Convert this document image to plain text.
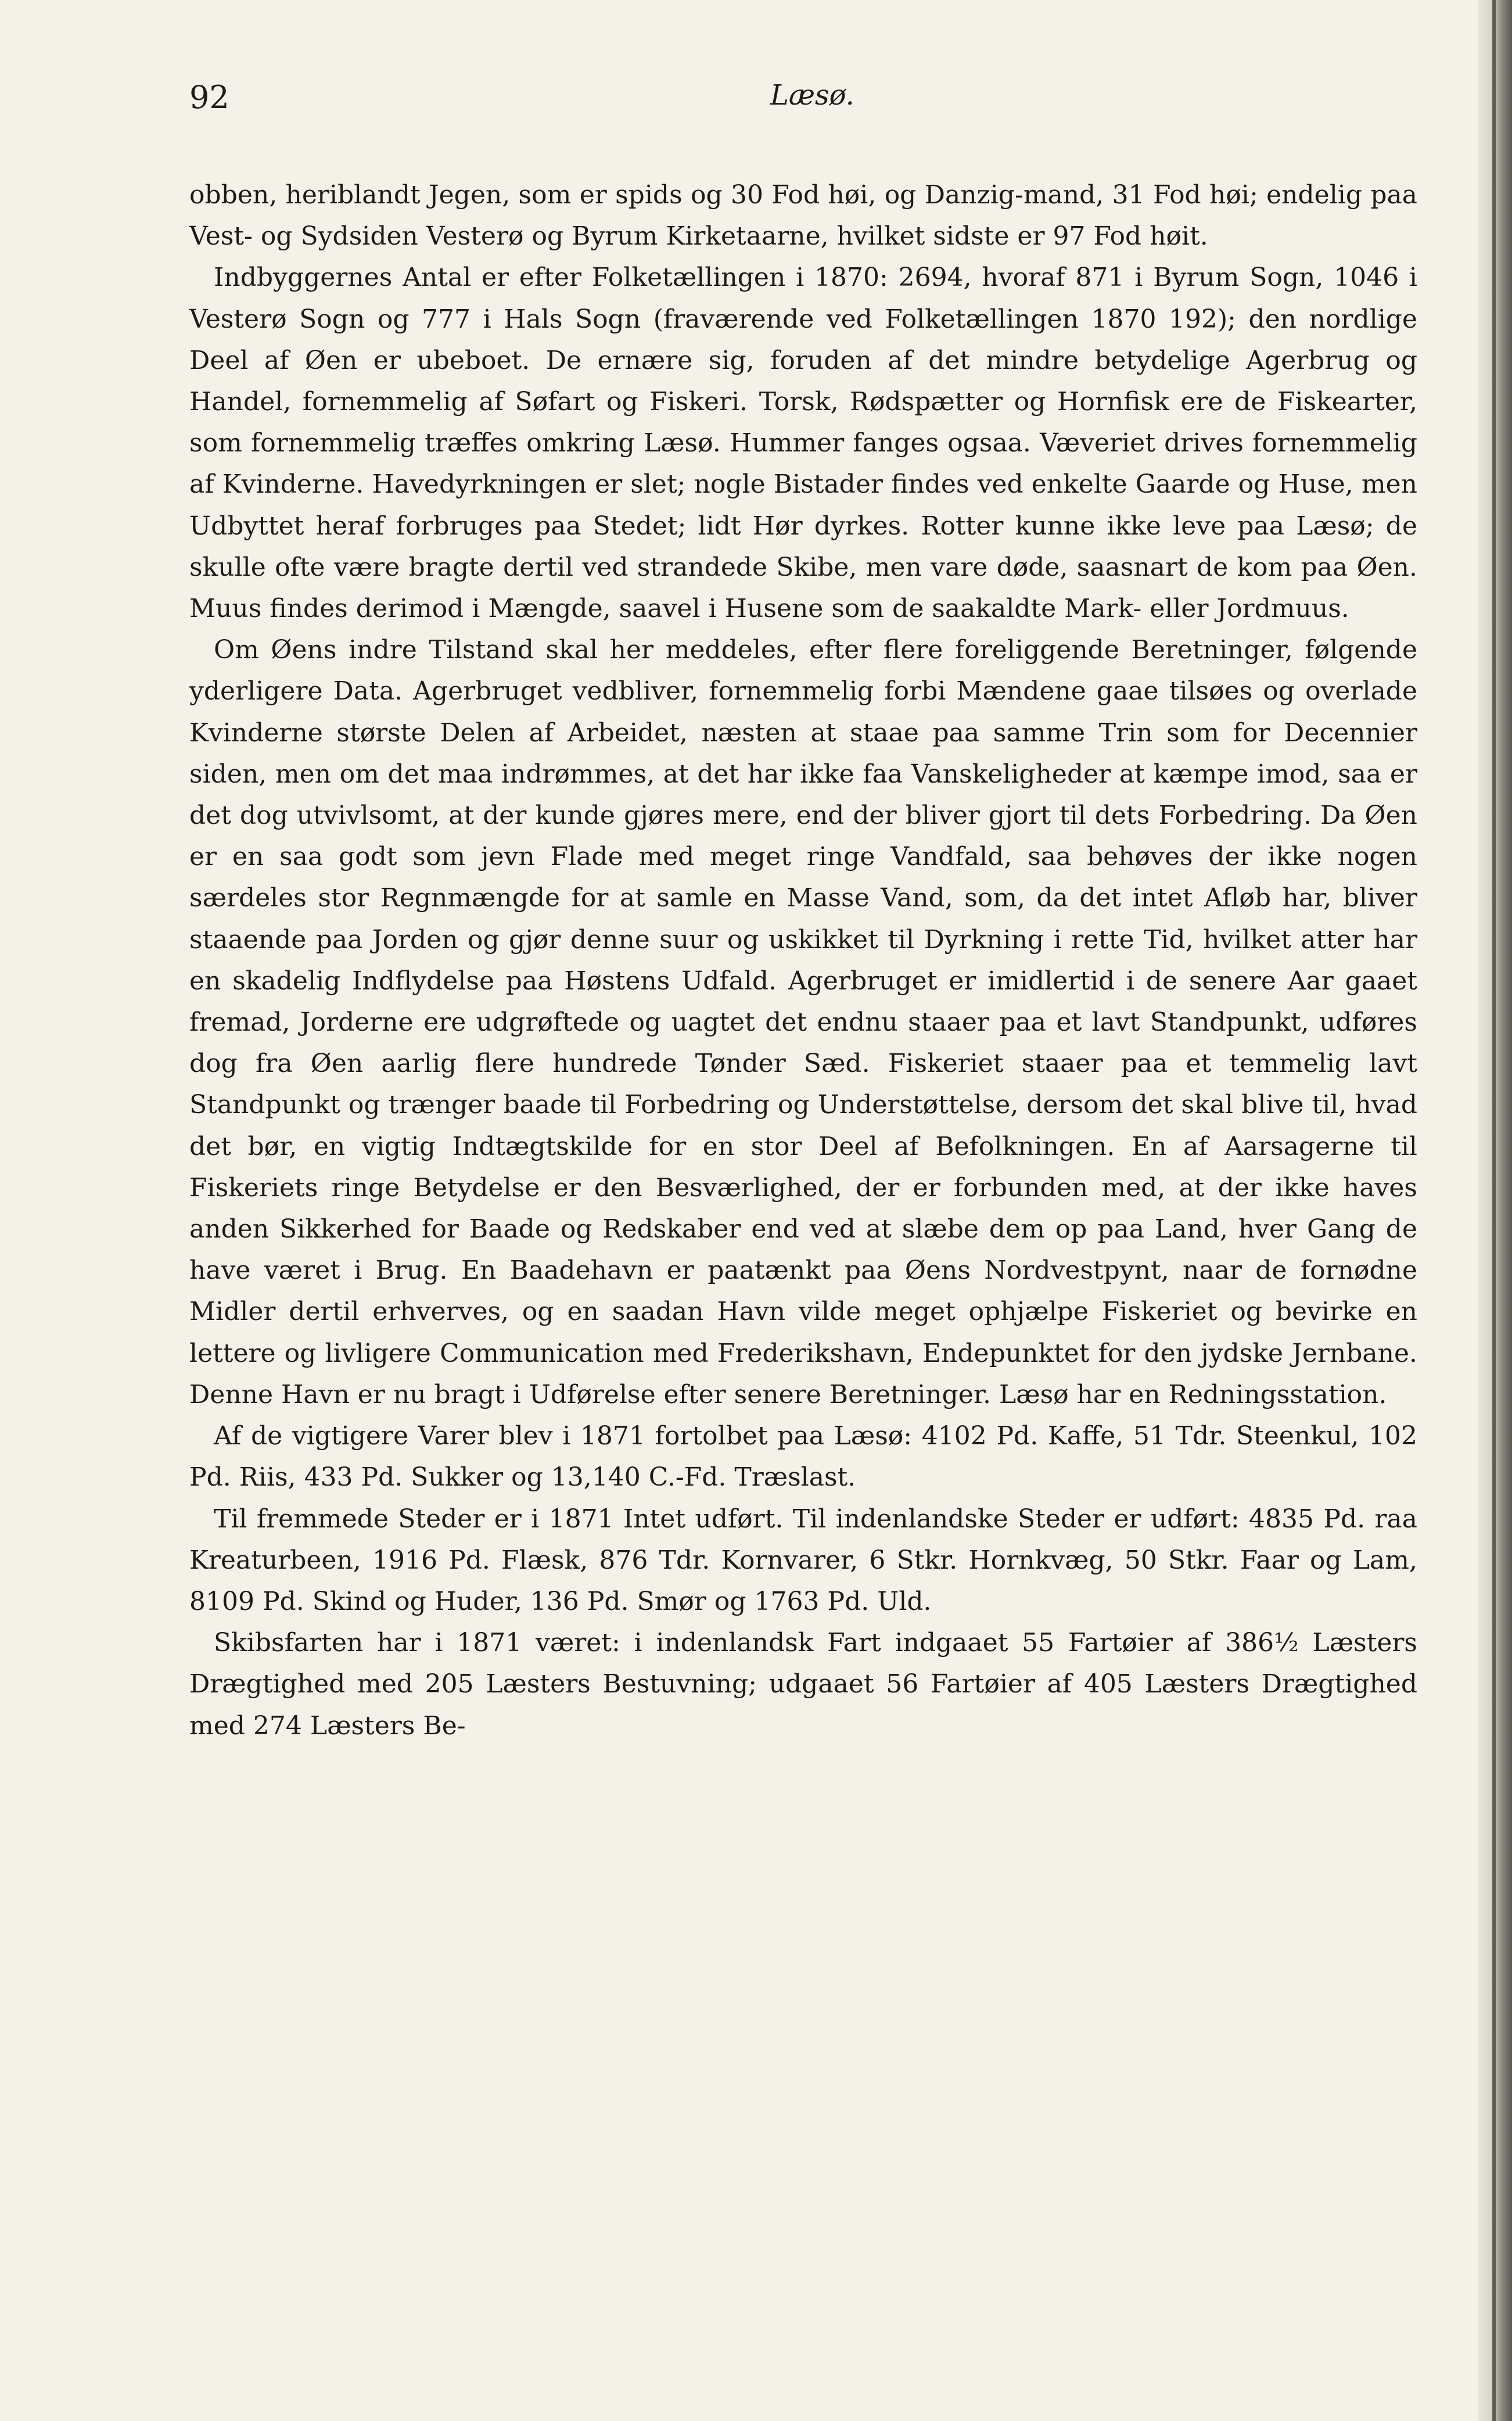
92	Læsø.

obben, heriblandt Jegen, som er spids og 30 Fod høi, og Danzig-mand, 31 Fod høi; endelig paa Vest- og Sydsiden Vesterø og Byrum Kirketaarne, hvilket sidste er 97 Fod høit.

Indbyggernes Antal er efter Folketællingen i 1870: 2694, hvoraf 871 i Byrum Sogn, 1046 i Vesterø Sogn og 777 i Hals Sogn (fraværende ved Folketællingen 1870 192); den nordlige Deel af Øen er ubeboet. De ernære sig, foruden af det mindre betydelige Agerbrug og Handel, fornemmelig af Søfart og Fiskeri. Torsk, Rødspætter og Hornfisk ere de Fiskearter, som fornemmelig træffes omkring Læsø. Hummer fanges ogsaa. Væveriet drives fornemmelig af Kvinderne. Havedyrkningen er slet; nogle Bistader findes ved enkelte Gaarde og Huse, men Udbyttet heraf forbruges paa Stedet; lidt Hør dyrkes. Rotter kunne ikke leve paa Læsø; de skulle ofte være bragte dertil ved strandede Skibe, men vare døde, saasnart de kom paa Øen. Muus findes derimod i Mængde, saavel i Husene som de saakaldte Mark- eller Jordmuus.

Om Øens indre Tilstand skal her meddeles, efter flere foreliggende Beretninger, følgende yderligere Data. Agerbruget vedbliver, fornemmelig forbi Mændene gaae tilsøes og overlade Kvinderne største Delen af Arbeidet, næsten at staae paa samme Trin som for Decennier siden, men om det maa indrømmes, at det har ikke faa Vanskeligheder at kæmpe imod, saa er det dog utvivlsomt, at der kunde gjøres mere, end der bliver gjort til dets Forbedring. Da Øen er en saa godt som jevn Flade med meget ringe Vandfald, saa behøves der ikke nogen særdeles stor Regnmængde for at samle en Masse Vand, som, da det intet Afløb har, bliver staaende paa Jorden og gjør denne suur og uskikket til Dyrkning i rette Tid, hvilket atter har en skadelig Indflydelse paa Høstens Udfald. Agerbruget er imidlertid i de senere Aar gaaet fremad, Jorderne ere udgrøftede og uagtet det endnu staaer paa et lavt Standpunkt, udføres dog fra Øen aarlig flere hundrede Tønder Sæd. Fiskeriet staaer paa et temmelig lavt Standpunkt og trænger baade til Forbedring og Understøttelse, dersom det skal blive til, hvad det bør, en vigtig Indtægtskilde for en stor Deel af Befolkningen. En af Aarsagerne til Fiskeriets ringe Betydelse er den Besværlighed, der er forbunden med, at der ikke haves anden Sikkerhed for Baade og Redskaber end ved at slæbe dem op paa Land, hver Gang de have været i Brug. En Baadehavn er paatænkt paa Øens Nordvestpynt, naar de fornødne Midler dertil erhverves, og en saadan Havn vilde meget ophjælpe Fiskeriet og bevirke en lettere og livligere Communication med Frederikshavn, Endepunktet for den jydske Jernbane. Denne Havn er nu bragt i Udførelse efter senere Beretninger. Læsø har en Redningsstation.

Af de vigtigere Varer blev i 1871 fortolbet paa Læsø: 4102 Pd. Kaffe, 51 Tdr. Steenkul, 102 Pd. Riis, 433 Pd. Sukker og 13,140 C.-Fd. Træslast.

Til fremmede Steder er i 1871 Intet udført. Til indenlandske Steder er udført: 4835 Pd. raa Kreaturbeen, 1916 Pd. Flæsk, 876 Tdr. Kornvarer, 6 Stkr. Hornkvæg, 50 Stkr. Faar og Lam, 8109 Pd. Skind og Huder, 136 Pd. Smør og 1763 Pd. Uld.

Skibsfarten har i 1871 været: i indenlandsk Fart indgaaet 55 Fartøier af 386½ Læsters Drægtighed med 205 Læsters Bestuvning; udgaaet 56 Fartøier af 405 Læsters Drægtighed med 274 Læsters Be-
